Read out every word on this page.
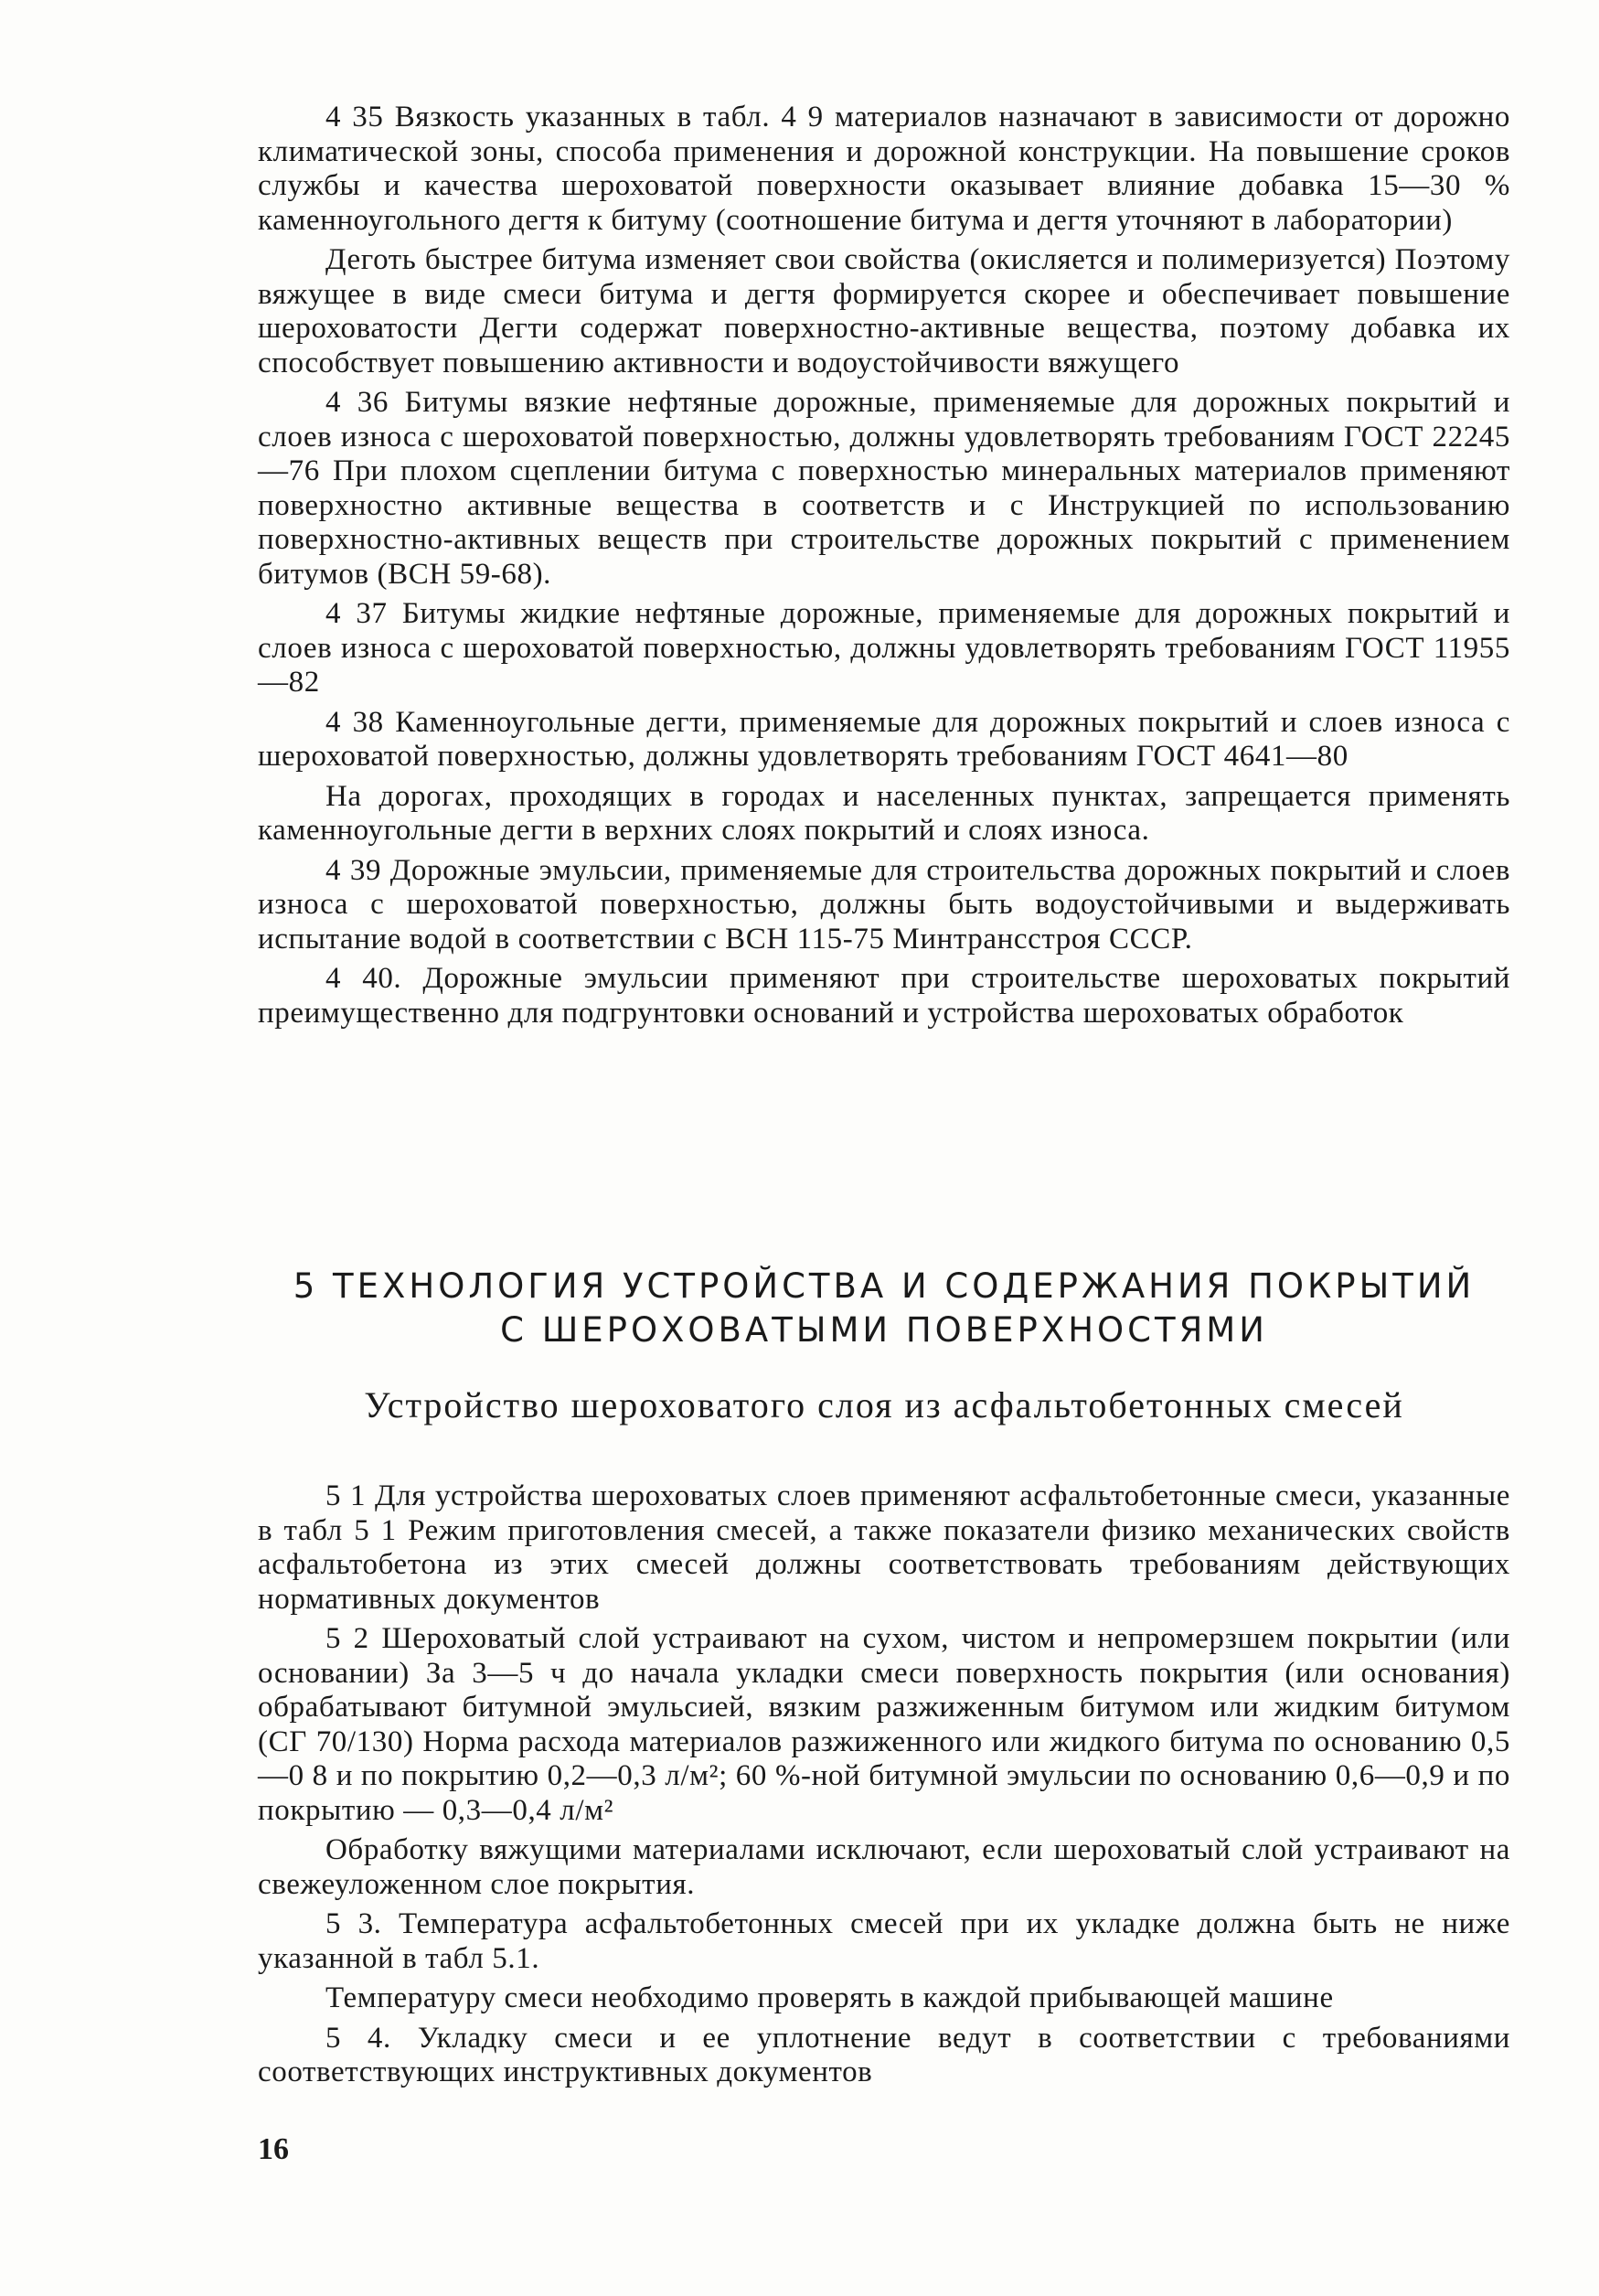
4 35 Вязкость указанных в табл. 4 9 материалов назначают в зависимости от дорожно климатической зоны, способа применения и дорожной конструкции. На повышение сроков службы и качества шероховатой поверхности оказывает влияние добавка 15—30 % каменноугольного дегтя к битуму (соотношение битума и дегтя уточняют в лаборатории)

Деготь быстрее битума изменяет свои свойства (окисляется и полимеризуется) Поэтому вяжущее в виде смеси битума и дегтя формируется скорее и обеспечивает повышение шероховатости Дегти содержат поверхностно-активные вещества, поэтому добавка их способствует повышению активности и водоустойчивости вяжущего

4 36 Битумы вязкие нефтяные дорожные, применяемые для дорожных покрытий и слоев износа с шероховатой поверхностью, должны удовлетворять требованиям ГОСТ 22245—76 При плохом сцеплении битума с поверхностью минеральных материалов применяют поверхностно активные вещества в соответств и с Инструкцией по использованию поверхностно-активных веществ при строительстве дорожных покрытий с применением битумов (ВСН 59-68).

4 37 Битумы жидкие нефтяные дорожные, применяемые для дорожных покрытий и слоев износа с шероховатой поверхностью, должны удовлетворять требованиям ГОСТ 11955—82

4 38 Каменноугольные дегти, применяемые для дорожных покрытий и слоев износа с шероховатой поверхностью, должны удовлетворять требованиям ГОСТ 4641—80

На дорогах, проходящих в городах и населенных пунктах, запрещается применять каменноугольные дегти в верхних слоях покрытий и слоях износа.

4 39 Дорожные эмульсии, применяемые для строительства дорожных покрытий и слоев износа с шероховатой поверхностью, должны быть водоустойчивыми и выдерживать испытание водой в соответствии с ВСН 115-75 Минтрансстроя СССР.

4 40. Дорожные эмульсии применяют при строительстве шероховатых покрытий преимущественно для подгрунтовки оснований и устройства шероховатых обработок

5 ТЕХНОЛОГИЯ УСТРОЙСТВА И СОДЕРЖАНИЯ ПОКРЫТИЙ
С ШЕРОХОВАТЫМИ ПОВЕРХНОСТЯМИ
Устройство шероховатого слоя из асфальтобетонных смесей

5 1 Для устройства шероховатых слоев применяют асфальтобетонные смеси, указанные в табл 5 1 Режим приготовления смесей, а также показатели физико механических свойств асфальтобетона из этих смесей должны соответствовать требованиям действующих нормативных документов

5 2 Шероховатый слой устраивают на сухом, чистом и непромерзшем покрытии (или основании) За 3—5 ч до начала укладки смеси поверхность покрытия (или основания) обрабатывают битумной эмульсией, вязким разжиженным битумом или жидким битумом (СГ 70/130) Норма расхода материалов разжиженного или жидкого битума по основанию 0,5—0 8 и по покрытию 0,2—0,3 л/м²; 60 %-ной битумной эмульсии по основанию 0,6—0,9 и по покрытию — 0,3—0,4 л/м²

Обработку вяжущими материалами исключают, если шероховатый слой устраивают на свежеуложенном слое покрытия.

5 3. Температура асфальтобетонных смесей при их укладке должна быть не ниже указанной в табл 5.1.

Температуру смеси необходимо проверять в каждой прибывающей машине

5 4. Укладку смеси и ее уплотнение ведут в соответствии с требованиями соответствующих инструктивных документов

16
